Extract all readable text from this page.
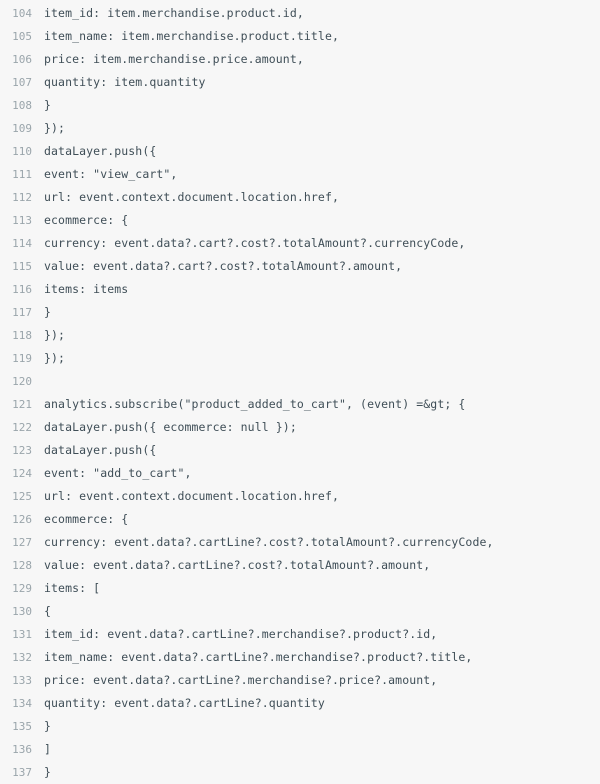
104	item_id: item.merchandise.product.id,
105	item_name: item.merchandise.product.title,
106	price: item.merchandise.price.amount,
107	quantity: item.quantity
108	}
109	});
110	dataLayer.push({
111	event: "view_cart",
112	url: event.context.document.location.href,
113	ecommerce: {
114	currency: event.data?.cart?.cost?.totalAmount?.currencyCode,
115	value: event.data?.cart?.cost?.totalAmount?.amount,
116	items: items
117	}
118	});
119	});
120
121	analytics.subscribe("product_added_to_cart", (event) =&gt; {
122	dataLayer.push({ ecommerce: null });
123	dataLayer.push({
124	event: "add_to_cart",
125	url: event.context.document.location.href,
126	ecommerce: {
127	currency: event.data?.cartLine?.cost?.totalAmount?.currencyCode,
128	value: event.data?.cartLine?.cost?.totalAmount?.amount,
129	items: [
130	{
131	item_id: event.data?.cartLine?.merchandise?.product?.id,
132	item_name: event.data?.cartLine?.merchandise?.product?.title,
133	price: event.data?.cartLine?.merchandise?.price?.amount,
134	quantity: event.data?.cartLine?.quantity
135	}
136	]
137	}
